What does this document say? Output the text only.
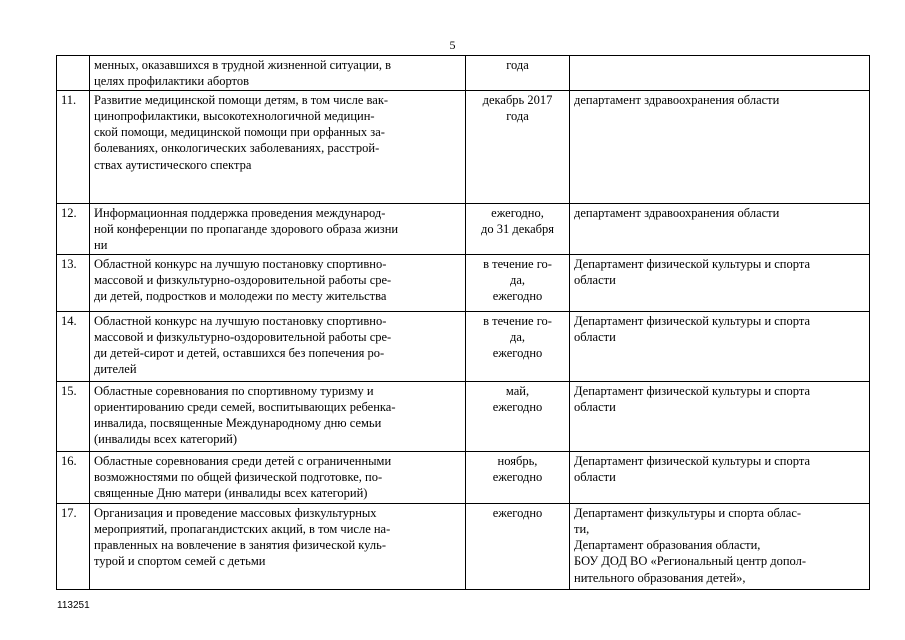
5

	менных, оказавшихся в трудной жизненной ситуации, в
целях профилактики абортов	года	

11.	Развитие медицинской помощи детям, в том числе вак-
цинопрофилактики, высокотехнологичной медицин-
ской помощи, медицинской помощи при орфанных за-
болеваниях, онкологических заболеваниях, расстрой-
ствах аутистического спектра	декабрь 2017
года	департамент здравоохранения области

12.	Информационная поддержка проведения международ-
ной конференции по пропаганде здорового образа жизни
ни	ежегодно,
до 31 декабря	департамент здравоохранения области

13.	Областной конкурс на лучшую постановку спортивно-
массовой и физкультурно-оздоровительной работы сре-
ди детей, подростков и молодежи по месту жительства	в течение го-
да,
ежегодно	Департамент физической культуры и спорта
области

14.	Областной конкурс на лучшую постановку спортивно-
массовой и физкультурно-оздоровительной работы сре-
ди детей-сирот и детей, оставшихся без попечения ро-
дителей	в течение го-
да,
ежегодно	Департамент физической культуры и спорта
области

15.	Областные соревнования по спортивному туризму и
ориентированию среди семей, воспитывающих ребенка-
инвалида, посвященные Международному дню семьи
(инвалиды всех категорий)	май,
ежегодно	Департамент физической культуры и спорта
области

16.	Областные соревнования среди детей с ограниченными
возможностями по общей физической подготовке, по-
священные Дню матери (инвалиды всех категорий)	ноябрь,
ежегодно	Департамент физической культуры и спорта
области

17.	Организация и проведение массовых физкультурных
мероприятий, пропагандистских акций, в том числе на-
правленных на вовлечение в занятия физической куль-
турой и спортом семей с детьми	ежегодно	Департамент физкультуры и спорта облас-
ти,
Департамент образования области,
БОУ ДОД ВО «Региональный центр допол-
нительного образования детей»,
113251
